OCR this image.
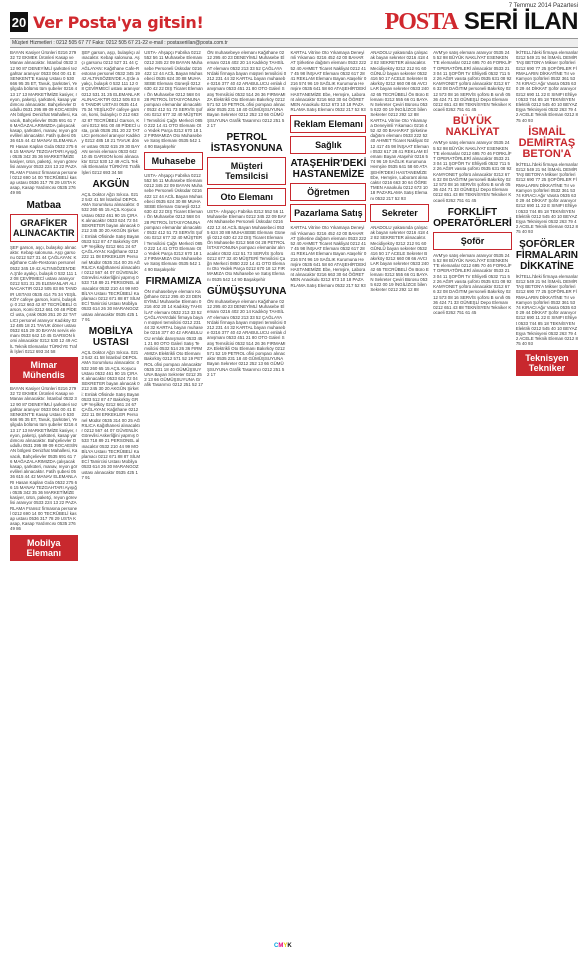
7 Temmuz 2014 Pazartesi
20 Ver Posta'ya gitsin!	POSTA SERİ İLAN
Müşteri Hizmetleri : 0212 505 67 77 Faks: 0212 505 67 21-22 e-mail : postaseriilan@posta.com.tr
BAYAN Kasiyer Ürünleri 0216 279 32 72 EKMEK Ürünleri Kasap ve Manav alınacaktır. İstanbul 0532 312 90 87 DENEYİMLİ şarküteri tezgahtar aranıyor 0533 064 00 41 ESENKENT'E Kasap Ustası 0 530 666 95 35 ET, Tavuk, Şarküteri, Yeşilgıda bölümü tüm şubeler 0216 413 17 13 MARKETİMİZE kasiyer, reyon, paketçi, şarküteri, kasap yardımcısı alınacaktır. Bahçelievler Dudullu 0531 295 89 09 KOCAESİNAN bölgesi Denizhat Mahallesi, Kavacık, Bahçelievler 0535 691 61 76 MAĞAZALARIMIZDA çalışacak kasap, şarküteri, manav, reyon görevlileri alınacaktır. Fatih şubesi 0536 615 44 42 MANAV ELEMANLARI Hasan Kaplan Gıda 0532 275 66 15 MANAV TEZGAHTARI Ayışığı 0535 342 35 36 MARKETİMİZE kasiyer, ürün, paketçi, reyon görevlisi aranıyor 0533 224 13 22 PAZARLAMA Fransız firmasına personel 0212 690 14 00 TECRÜBELİ kasap ustası 0536 317 78 29 USTA Kasap, Kasap Yardımcısı 0535 276 49 86
Matbaa
GRAFİKER ALINACAKTIR
ŞEF garson, aşçı, bulaşıkçı alınacaktır. Kebap salonuna. Aşçı garsonu 0212 527 31 44 ÇAĞLAYAN: Kağıthane Cafe-Restoran personel 0532 345 19 42 ALTINSÖZEN'DE A.Ş'de ayakçı, bulaşık 0 532 111 12 08 ÇEVİRMECİ ustası aranıyor 0212 531 31 25 ELEMANLAR ALINACAKTIR 0212 505 83 86 TANDIR USTASI 0535 414 75 34 YEŞİLKÖY cafeye garson, komi, bulaşıkçı 0 212 663 42 87 TECRÜBELİ Garson, Komi 0212 661 00 48 PİDECİ usta, çırak 0536 251 20 22 TATLICI personel aranıyor Kadıköy 0212 485 18 21 TAVUK döner ustası 0532 615 29 30 BAYAN servis elemanı 0533 642 10 45 GARSON komi alınacaktır 0212 530 12 49 ACİL Teknik Elemanlar TÜRKİYE Trafik İşleri 0212 693 34 58
Mimar Mühendis
BAYAN Kasiyer Ürünleri 0216 279 32 72 EKMEK Ürünleri Kasap ve Manav alınacaktır. İstanbul 0532 312 90 87 DENEYİMLİ şarküteri tezgahtar aranıyor 0533 064 00 41 ESENKENT'E Kasap Ustası 0 530 666 95 35 ET, Tavuk, Şarküteri, Yeşilgıda bölümü tüm şubeler 0216 413 17 13 MARKETİMİZE kasiyer, reyon, paketçi, şarküteri, kasap yardımcısı alınacaktır. Bahçelievler Dudullu 0531 295 89 09 KOCAESİNAN bölgesi Denizhat Mahallesi, Kavacık, Bahçelievler 0535 691 61 76 MAĞAZALARIMIZDA çalışacak kasap, şarküteri, manav, reyon görevlileri alınacaktır. Fatih şubesi 0536 615 44 42 MANAV ELEMANLARI Hasan Kaplan Gıda 0532 275 66 15 MANAV TEZGAHTARI Ayışığı 0535 342 35 36 MARKETİMİZE kasiyer, ürün, paketçi, reyon görevlisi aranıyor 0533 224 13 22 PAZARLAMA Fransız firmasına personel 0212 690 14 00 TECRÜBELİ kasap ustası 0536 317 78 29 USTA Kasap, Kasap Yardımcısı 0535 276 49 86
Mobilya Elemanı
ŞEF garson, aşçı, bulaşıkçı alınacaktır. Kebap salonuna. Aşçı garsonu 0212 527 31 44 ÇAĞLAYAN: Kağıthane Cafe-Restoran personel 0532 345 19 42 ALTINSÖZEN'DE A.Ş'de ayakçı, bulaşık 0 532 111 12 08 ÇEVİRMECİ ustası aranıyor 0212 531 31 25 ELEMANLAR ALINACAKTIR 0212 505 83 86 TANDIR USTASI 0535 414 75 34 YEŞİLKÖY cafeye garson, komi, bulaşıkçı 0 212 663 42 87 TECRÜBELİ Garson, Komi 0212 661 00 48 PİDECİ usta, çırak 0536 251 20 22 TATLICI personel aranıyor Kadıköy 0212 485 18 21 TAVUK döner ustası 0532 615 29 30 BAYAN servis elemanı 0533 642 10 45 GARSON komi alınacaktır 0212 530 12 49 ACİL Teknik Elemanlar TÜRKİYE Trafik İşleri 0212 693 34 58
AKGÜN
AÇIL Doktor Ağzı Sıkıca. 0212 542 41 58 İstanbul DEPOLAMA Sorumlusu alınacaktır. 0532 260 65 15 AÇIL Koşucu Ustası 0532 461 90 15 ÇIRAK alınacaktır 0533 624 72 04 SEKRETER bayan alınacak 0212 245 30 20 AKGÜN Şirketi: Emlak Ofisinde Satış Bayan 0533 512 87 47 Bakırköy GRUP Yeşilköy 0212 661 24 67 ÇAĞLAYAN: Kağıthane 0212 222 11 08 ERKEKLER Personel Müdür 0535 314 00 25 AĞRILICA Kağıthanesi alınacaktır 0212 567 44 07 GÜVENLİK Görevlisi Askerliğini yapmış 0533 718 89 21 PERSONEL alınacaktır 0532 210 44 99 MOBİLYA Ustası TECRÜBELİ Kaplamacı 0212 671 88 87 SİLMECİ Tamircisi Ustası Mobilya 0533 614 26 30 MARANGOZ ustası alınacaktır 0535 425 17 91
MOBİLYA USTASI
AÇIL Doktor Ağzı Sıkıca. 0212 542 41 58 İstanbul DEPOLAMA Sorumlusu alınacaktır. 0532 260 65 15 AÇIL Koşucu Ustası 0532 461 90 15 ÇIRAK alınacaktır 0533 624 72 04 SEKRETER bayan alınacak 0212 245 30 20 AKGÜN Şirketi: Emlak Ofisinde Satış Bayan 0533 512 87 47 Bakırköy GRUP Yeşilköy 0212 661 24 67 ÇAĞLAYAN: Kağıthane 0212 222 11 08 ERKEKLER Personel Müdür 0535 314 00 25 AĞRILICA Kağıthanesi alınacaktır 0212 567 44 07 GÜVENLİK Görevlisi Askerliğini yapmış 0533 718 89 21 PERSONEL alınacaktır 0532 210 44 99 MOBİLYA Ustası TECRÜBELİ Kaplamacı 0212 671 88 87 SİLMECİ Tamircisi Ustası Mobilya 0533 614 26 30 MARANGOZ ustası alınacaktır 0535 425 17 91
USTA- Ahşapçı Fabrika 0212 552 56 11 Muhasebe Elemanı 0212 345 22 09 BAYAN Muhasebe Personeli Üsküdar 0216 422 12 44 ACİL Bayan Muhasebeci 0535 624 30 88 MUHASEBE Elemanı Güneşli 0212 630 42 22 DIŞ Ticaret Elemanı Ön Muhasebe 0212 568 04 28 PETROL İSTASYONUNA pompacı elemanlar alınacaktır 0532 412 51 73 SERVİS Şoförü 0212 677 32 40 MÜŞTERİ Temsilcisi Çağrı Merkezi 0850 222 14 41 OTO Elemanı Oto Yedek Parça 0212 670 18 12 FIRMAMIZA Oto Muhasebe ve Satış Elemanı 0535 542 14 90 Başakşehir
Muhasebe
USTA- Ahşapçı Fabrika 0212 552 56 11 Muhasebe Elemanı 0212 345 22 09 BAYAN Muhasebe Personeli Üsküdar 0216 422 12 44 ACİL Bayan Muhasebeci 0535 624 30 88 MUHASEBE Elemanı Güneşli 0212 630 42 22 DIŞ Ticaret Elemanı Ön Muhasebe 0212 568 04 28 PETROL İSTASYONUNA pompacı elemanlar alınacaktır 0532 412 51 73 SERVİS Şoförü 0212 677 32 40 MÜŞTERİ Temsilcisi Çağrı Merkezi 0850 222 14 41 OTO Elemanı Oto Yedek Parça 0212 670 18 12 FIRMAMIZA Oto Muhasebe ve Satış Elemanı 0535 542 14 90 Başakşehir
FIRMAMIZA
ÖN muhasebeye elemanı Kağıthane 0212 295 40 23 DENEYİMLİ Muhasebe Elemanı 0216 402 20 14 Kadıköy TAHSİLAT elemanı 0532 213 33 52 ÇAĞLAYAN'daki firmaya bayan müşteri temsilcisi 0212 231 44 32 KARTAL bayan muhasebe 0216 377 40 42 ARABULUCU emlak danışmanı 0533 451 21 80 OTO Galeri Satış Temsilcisi 0532 514 26 36 FIRMAMIZA Elektrikli Oto Elemanı Bakırköy 0212 571 52 19 PETROL ofisi pompacı alınacaktır 0535 231 18 40 GÜMÜŞSUYUNA Bayan Sekreter 0212 252 13 66 GÜMÜŞSUYUNA Grafik Tasarımcı 0212 251 52 17
ÖN muhasebeye elemanı Kağıthane 0212 295 40 23 DENEYİMLİ Muhasebe Elemanı 0216 402 20 14 Kadıköy TAHSİLAT elemanı 0532 213 33 52 ÇAĞLAYAN'daki firmaya bayan müşteri temsilcisi 0212 231 44 32 KARTAL bayan muhasebe 0216 377 40 42 ARABULUCU emlak danışmanı 0533 451 21 80 OTO Galeri Satış Temsilcisi 0532 514 26 36 FIRMAMIZA Elektrikli Oto Elemanı Bakırköy 0212 571 52 19 PETROL ofisi pompacı alınacaktır 0535 231 18 40 GÜMÜŞSUYUNA Bayan Sekreter 0212 252 13 66 GÜMÜŞSUYUNA Grafik Tasarımcı 0212 251 52 17
PETROL İSTASYONUNA
Müşteri Temsilcisi
Oto Elemanı
USTA- Ahşapçı Fabrika 0212 552 56 11 Muhasebe Elemanı 0212 345 22 09 BAYAN Muhasebe Personeli Üsküdar 0216 422 12 44 ACİL Bayan Muhasebeci 0535 624 30 88 MUHASEBE Elemanı Güneşli 0212 630 42 22 DIŞ Ticaret Elemanı Ön Muhasebe 0212 568 04 28 PETROL İSTASYONUNA pompacı elemanlar alınacaktır 0532 412 51 73 SERVİS Şoförü 0212 677 32 40 MÜŞTERİ Temsilcisi Çağrı Merkezi 0850 222 14 41 OTO Elemanı Oto Yedek Parça 0212 670 18 12 FIRMAMIZA Oto Muhasebe ve Satış Elemanı 0535 542 14 90 Başakşehir
GÜMÜŞSUYUNA
ÖN muhasebeye elemanı Kağıthane 0212 295 40 23 DENEYİMLİ Muhasebe Elemanı 0216 402 20 14 Kadıköy TAHSİLAT elemanı 0532 213 33 52 ÇAĞLAYAN'daki firmaya bayan müşteri temsilcisi 0212 231 44 32 KARTAL bayan muhasebe 0216 377 40 42 ARABULUCU emlak danışmanı 0533 451 21 80 OTO Galeri Satış Temsilcisi 0532 514 26 36 FIRMAMIZA Elektrikli Oto Elemanı Bakırköy 0212 571 52 19 PETROL ofisi pompacı alınacaktır 0535 231 18 40 GÜMÜŞSUYUNA Bayan Sekreter 0212 252 13 66 GÜMÜŞSUYUNA Grafik Tasarımcı 0212 251 52 17
KARTAL Vitrine Oto Yıkamaya Deneyimli Yıkamacı 0216 452 42 00 BAHARAT Şirketine dağıtım elemanı 0533 222 52 40 AHMET Ticaret Nakliyat 0212 417 45 98 İNŞAAT Elemanı 0532 617 28 41 REKLAM Elemanı Bayan Ataşehir 0216 574 96 19 SAĞLIK Kurumuna Hemşire 0535 641 58 60 ATAŞEHİR'DEKİ HASTANEMİZE Ebe, Hemşire, Laborant alınacaktır 0216 663 30 64 ÖĞRETMEN Anaokulu 0212 673 10 18 PAZARLAMA Satış Elemanı 0532 217 52 93
Reklam Elemanı
Sağlık
ATAŞEHİR'DEKİ HASTANEMİZE
Öğretmen
Pazarlama Satış
KARTAL Vitrine Oto Yıkamaya Deneyimli Yıkamacı 0216 452 42 00 BAHARAT Şirketine dağıtım elemanı 0533 222 52 40 AHMET Ticaret Nakliyat 0212 417 45 98 İNŞAAT Elemanı 0532 617 28 41 REKLAM Elemanı Bayan Ataşehir 0216 574 96 19 SAĞLIK Kurumuna Hemşire 0535 641 58 60 ATAŞEHİR'DEKİ HASTANEMİZE Ebe, Hemşire, Laborant alınacaktır 0216 663 30 64 ÖĞRETMEN Anaokulu 0212 673 10 18 PAZARLAMA Satış Elemanı 0532 217 52 93
ANADOLU yakasında çalışacak bayan sekreter 0216 418 42 82 SEKRETER alınacaktır. Mecidiyeköy 0212 212 91 60 GÜNLÜ bayan sekreter 0532 416 50 17 ACELE Sekreter Bakırköy 0212 660 08 66 AVCILAR bayan sekreter 0533 240 42 65 TECRÜBELİ Ön Büro Elemanı 0212 555 66 01 BAYAN Sekreter Çeviri Bürosu 0535 622 00 19 İNGİLİZCE bilen Sekreter 0212 292 12 88
KARTAL Vitrine Oto Yıkamaya Deneyimli Yıkamacı 0216 452 42 00 BAHARAT Şirketine dağıtım elemanı 0533 222 52 40 AHMET Ticaret Nakliyat 0212 417 45 98 İNŞAAT Elemanı 0532 617 28 41 REKLAM Elemanı Bayan Ataşehir 0216 574 96 19 SAĞLIK Kurumuna Hemşire 0535 641 58 60 ATAŞEHİR'DEKİ HASTANEMİZE Ebe, Hemşire, Laborant alınacaktır 0216 663 30 64 ÖĞRETMEN Anaokulu 0212 673 10 18 PAZARLAMA Satış Elemanı 0532 217 52 93
Sekreter
ANADOLU yakasında çalışacak bayan sekreter 0216 418 42 82 SEKRETER alınacaktır. Mecidiyeköy 0212 212 91 60 GÜNLÜ bayan sekreter 0532 416 50 17 ACELE Sekreter Bakırköy 0212 660 08 66 AVCILAR bayan sekreter 0533 240 42 65 TECRÜBELİ Ön Büro Elemanı 0212 555 66 01 BAYAN Sekreter Çeviri Bürosu 0535 622 00 19 İNGİLİZCE bilen Sekreter 0212 292 12 88
AVM'ye satış elemanı aranıyor 0535 245 52 98 BÜYÜK NAKLİYAT ESENKENT'E elemanlar 0212 695 70 46 FORKLİFT OPERATÖRLERİ alınacaktır 0533 213 04 11 ŞOFÖR Tır Ehliyetli 0532 711 52 26 AĞIR vasıta şoförü 0535 631 08 92 KAMYONET şoförü alınacaktır 0212 676 32 08 DAĞITIM personeli Bakırköy 0212 573 08 16 SERVİS şoförü B sınıfı 0536 424 71 33 GÜNEŞLİ Depo Elemanı 0212 651 43 88 TEKNİSYEN Tekniker Kocaeli 0262 751 61 45
BÜYÜK NAKLİYAT
AVM'ye satış elemanı aranıyor 0535 245 52 98 BÜYÜK NAKLİYAT ESENKENT'E elemanlar 0212 695 70 46 FORKLİFT OPERATÖRLERİ alınacaktır 0533 213 04 11 ŞOFÖR Tır Ehliyetli 0532 711 52 26 AĞIR vasıta şoförü 0535 631 08 92 KAMYONET şoförü alınacaktır 0212 676 32 08 DAĞITIM personeli Bakırköy 0212 573 08 16 SERVİS şoförü B sınıfı 0536 424 71 33 GÜNEŞLİ Depo Elemanı 0212 651 43 88 TEKNİSYEN Tekniker Kocaeli 0262 751 61 45
FORKLİFT OPERATÖRLERİ
Şoför
AVM'ye satış elemanı aranıyor 0535 245 52 98 BÜYÜK NAKLİYAT ESENKENT'E elemanlar 0212 695 70 46 FORKLİFT OPERATÖRLERİ alınacaktır 0533 213 04 11 ŞOFÖR Tır Ehliyetli 0532 711 52 26 AĞIR vasıta şoförü 0535 631 08 92 KAMYONET şoförü alınacaktır 0212 676 32 08 DAĞITIM personeli Bakırköy 0212 573 08 16 SERVİS şoförü B sınıfı 0536 424 71 33 GÜNEŞLİ Depo Elemanı 0212 651 43 88 TEKNİSYEN Tekniker Kocaeli 0262 751 61 45
İKİTELLİ'deki firmaya elemanlar 0212 549 21 94 İSMAİL DEMİRTAŞ BETON'A Mikser Şoförleri 0212 690 77 25 ŞOFÖRLER FİRMALARIN DİKKATİNE Tır ve Kamyon Şoförleri 0532 361 53 74 KIRACI Ağır Vasıta 0535 630 29 44 DİKKAT Şoför aranıyor 0212 690 11 22 E SINIFI Ehliyet 0533 744 85 18 TEKNİSYEN Elektrik 0212 545 40 10 BEYAZ Eşya Teknisyeni 0532 263 79 42 ACELE Teknik Eleman 0212 875 40 93
İSMAİL DEMİRTAŞ BETON'A
İKİTELLİ'deki firmaya elemanlar 0212 549 21 94 İSMAİL DEMİRTAŞ BETON'A Mikser Şoförleri 0212 690 77 25 ŞOFÖRLER FİRMALARIN DİKKATİNE Tır ve Kamyon Şoförleri 0532 361 53 74 KIRACI Ağır Vasıta 0535 630 29 44 DİKKAT Şoför aranıyor 0212 690 11 22 E SINIFI Ehliyet 0533 744 85 18 TEKNİSYEN Elektrik 0212 545 40 10 BEYAZ Eşya Teknisyeni 0532 263 79 42 ACELE Teknik Eleman 0212 875 40 93
ŞOFÖRLER FİRMALARIN DİKKATİNE
İKİTELLİ'deki firmaya elemanlar 0212 549 21 94 İSMAİL DEMİRTAŞ BETON'A Mikser Şoförleri 0212 690 77 25 ŞOFÖRLER FİRMALARIN DİKKATİNE Tır ve Kamyon Şoförleri 0532 361 53 74 KIRACI Ağır Vasıta 0535 630 29 44 DİKKAT Şoför aranıyor 0212 690 11 22 E SINIFI Ehliyet 0533 744 85 18 TEKNİSYEN Elektrik 0212 545 40 10 BEYAZ Eşya Teknisyeni 0532 263 79 42 ACELE Teknik Eleman 0212 875 40 93
Teknisyen Tekniker
CMYK
